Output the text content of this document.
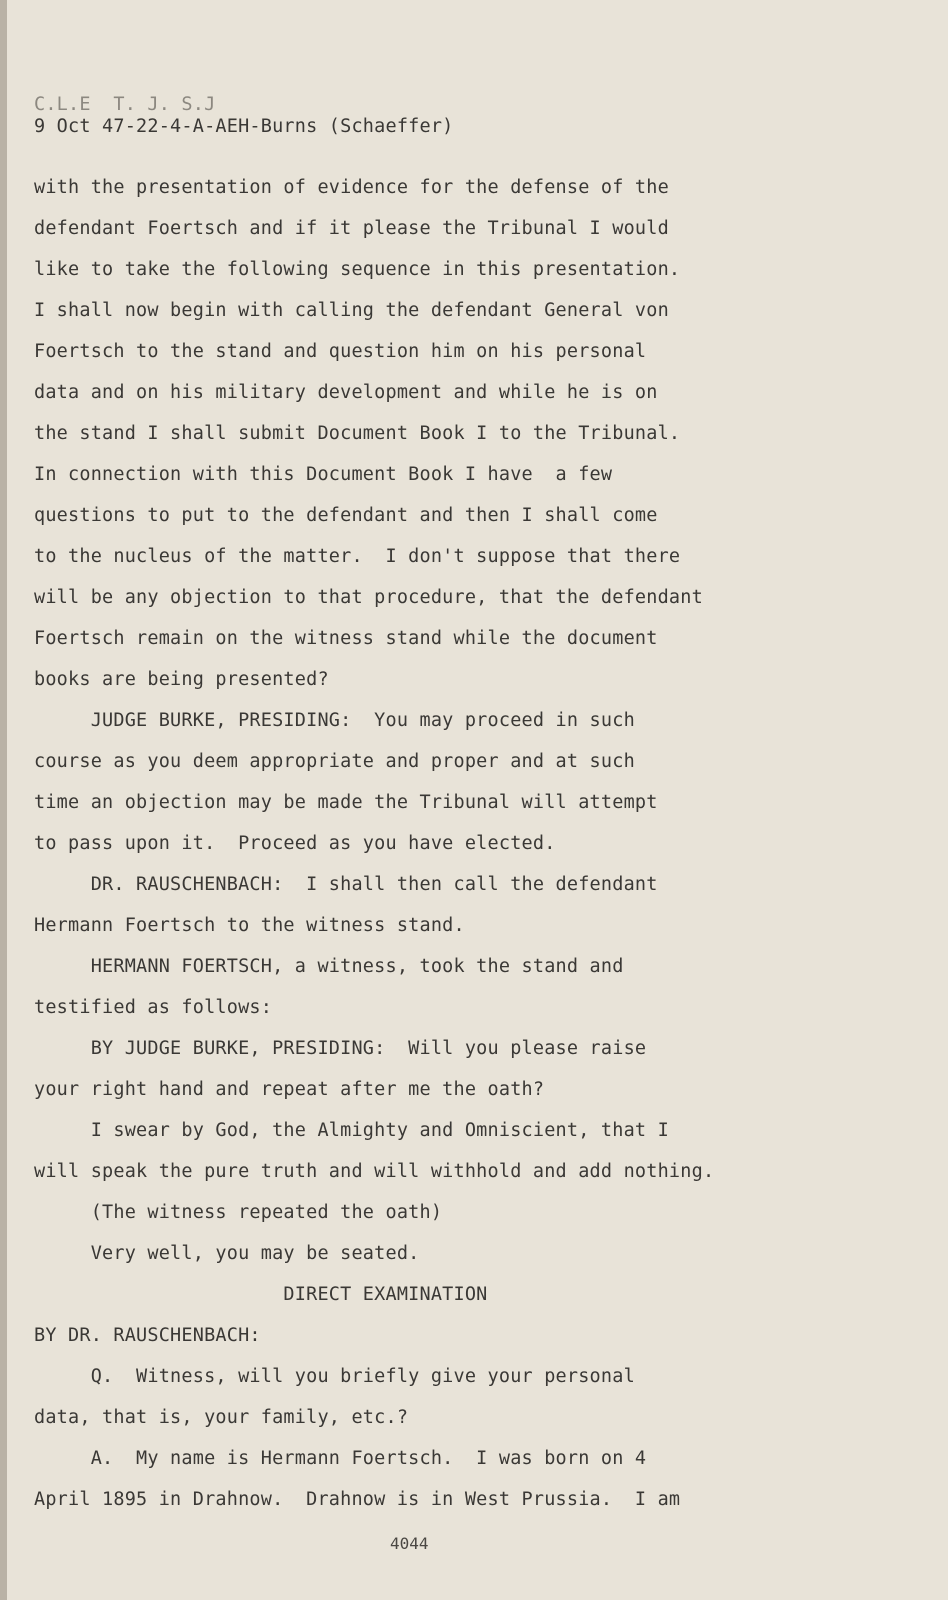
C.L.E  T. J. S.J
9 Oct 47-22-4-A-AEH-Burns (Schaeffer)
with the presentation of evidence for the defense of the
defendant Foertsch and if it please the Tribunal I would
like to take the following sequence in this presentation.
I shall now begin with calling the defendant General von
Foertsch to the stand and question him on his personal
data and on his military development and while he is on
the stand I shall submit Document Book I to the Tribunal.
In connection with this Document Book I have  a few
questions to put to the defendant and then I shall come
to the nucleus of the matter.  I don't suppose that there
will be any objection to that procedure, that the defendant
Foertsch remain on the witness stand while the document
books are being presented?
JUDGE BURKE, PRESIDING:  You may proceed in such
course as you deem appropriate and proper and at such
time an objection may be made the Tribunal will attempt
to pass upon it.  Proceed as you have elected.
DR. RAUSCHENBACH:  I shall then call the defendant
Hermann Foertsch to the witness stand.
HERMANN FOERTSCH, a witness, took the stand and
testified as follows:
BY JUDGE BURKE, PRESIDING:  Will you please raise
your right hand and repeat after me the oath?
I swear by God, the Almighty and Omniscient, that I
will speak the pure truth and will withhold and add nothing.
(The witness repeated the oath)
Very well, you may be seated.
DIRECT EXAMINATION
BY DR. RAUSCHENBACH:
Q.  Witness, will you briefly give your personal
data, that is, your family, etc.?
A.  My name is Hermann Foertsch.  I was born on 4
April 1895 in Drahnow.  Drahnow is in West Prussia.  I am
4044
